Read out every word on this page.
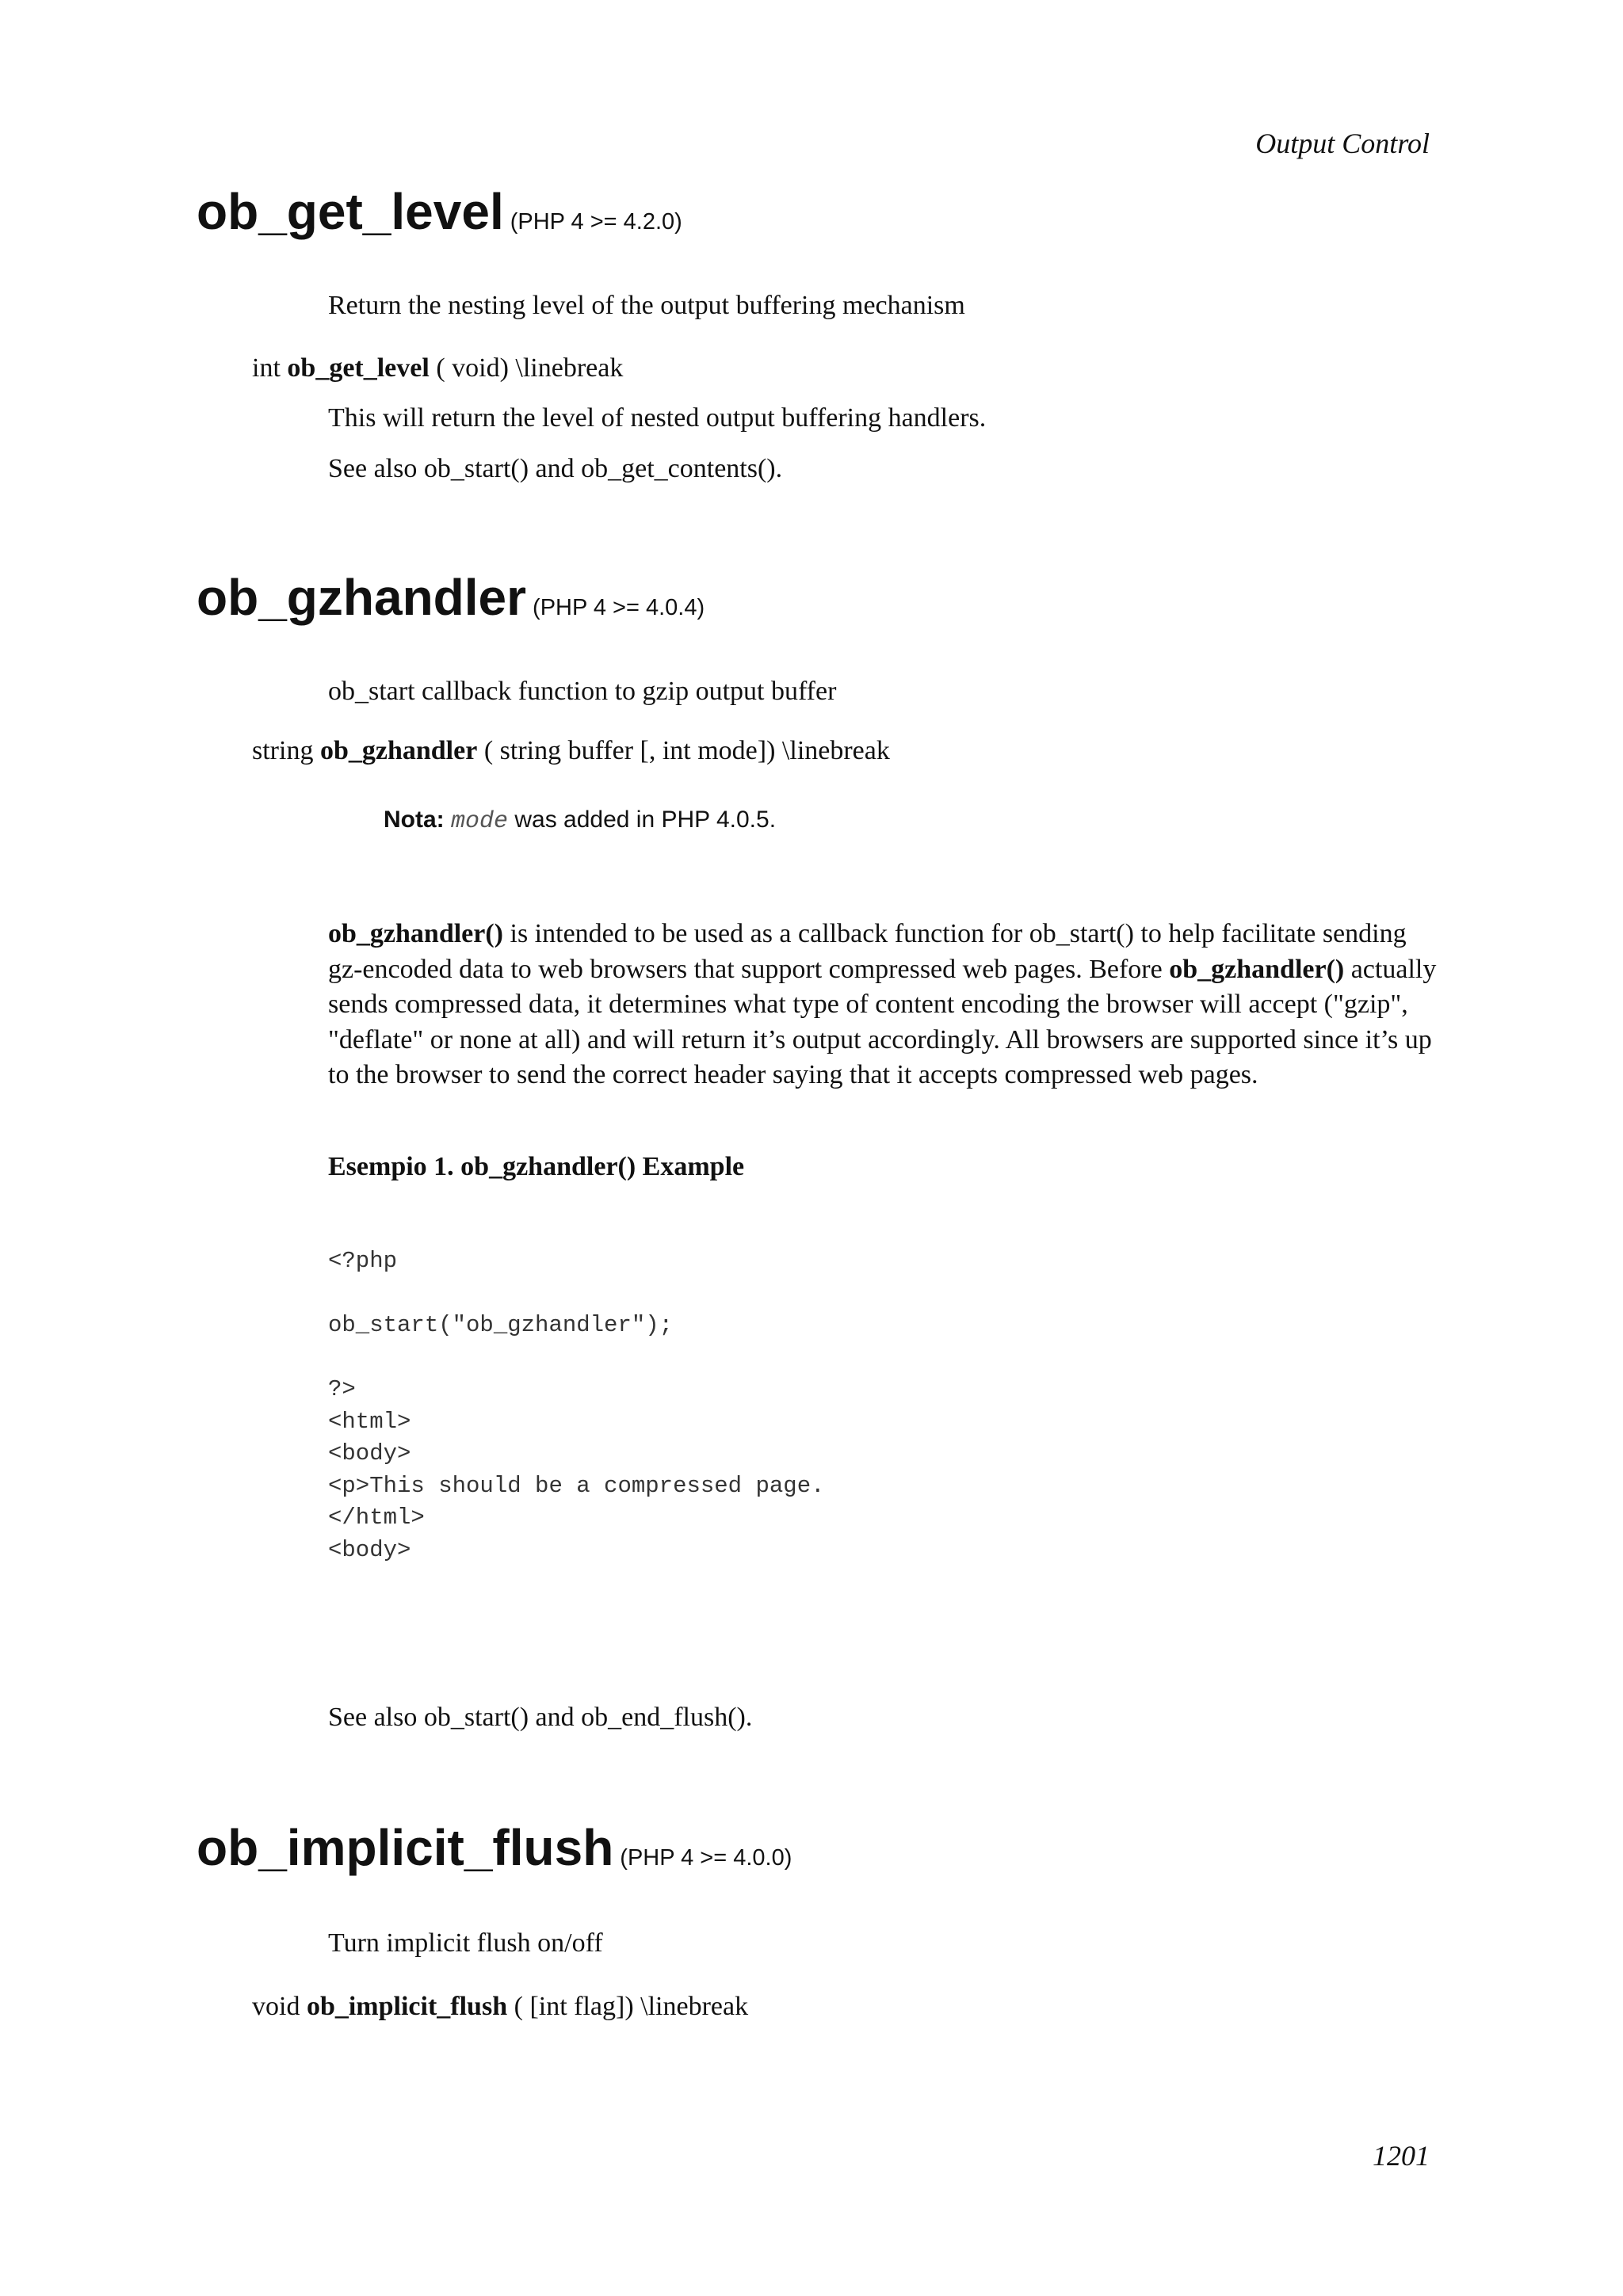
Output Control
ob_get_level (PHP 4 >= 4.2.0)

Return the nesting level of the output buffering mechanism

int ob_get_level ( void) \linebreak

This will return the level of nested output buffering handlers.

See also ob_start() and ob_get_contents().

ob_gzhandler (PHP 4 >= 4.0.4)

ob_start callback function to gzip output buffer

string ob_gzhandler ( string buffer [, int mode]) \linebreak

Nota: mode was added in PHP 4.0.5.

ob_gzhandler() is intended to be used as a callback function for ob_start() to help facilitate sending gz-encoded data to web browsers that support compressed web pages. Before ob_gzhandler() actually sends compressed data, it determines what type of content encoding the browser will accept ("gzip", "deflate" or none at all) and will return it’s output accordingly. All browsers are supported since it’s up to the browser to send the correct header saying that it accepts compressed web pages.

Esempio 1. ob_gzhandler() Example

<?php
ob_start("ob_gzhandler");
?>
<html>
<body>
<p>This should be a compressed page.
</html>
<body>

See also ob_start() and ob_end_flush().

ob_implicit_flush (PHP 4 >= 4.0.0)

Turn implicit flush on/off

void ob_implicit_flush ( [int flag]) \linebreak

1201
